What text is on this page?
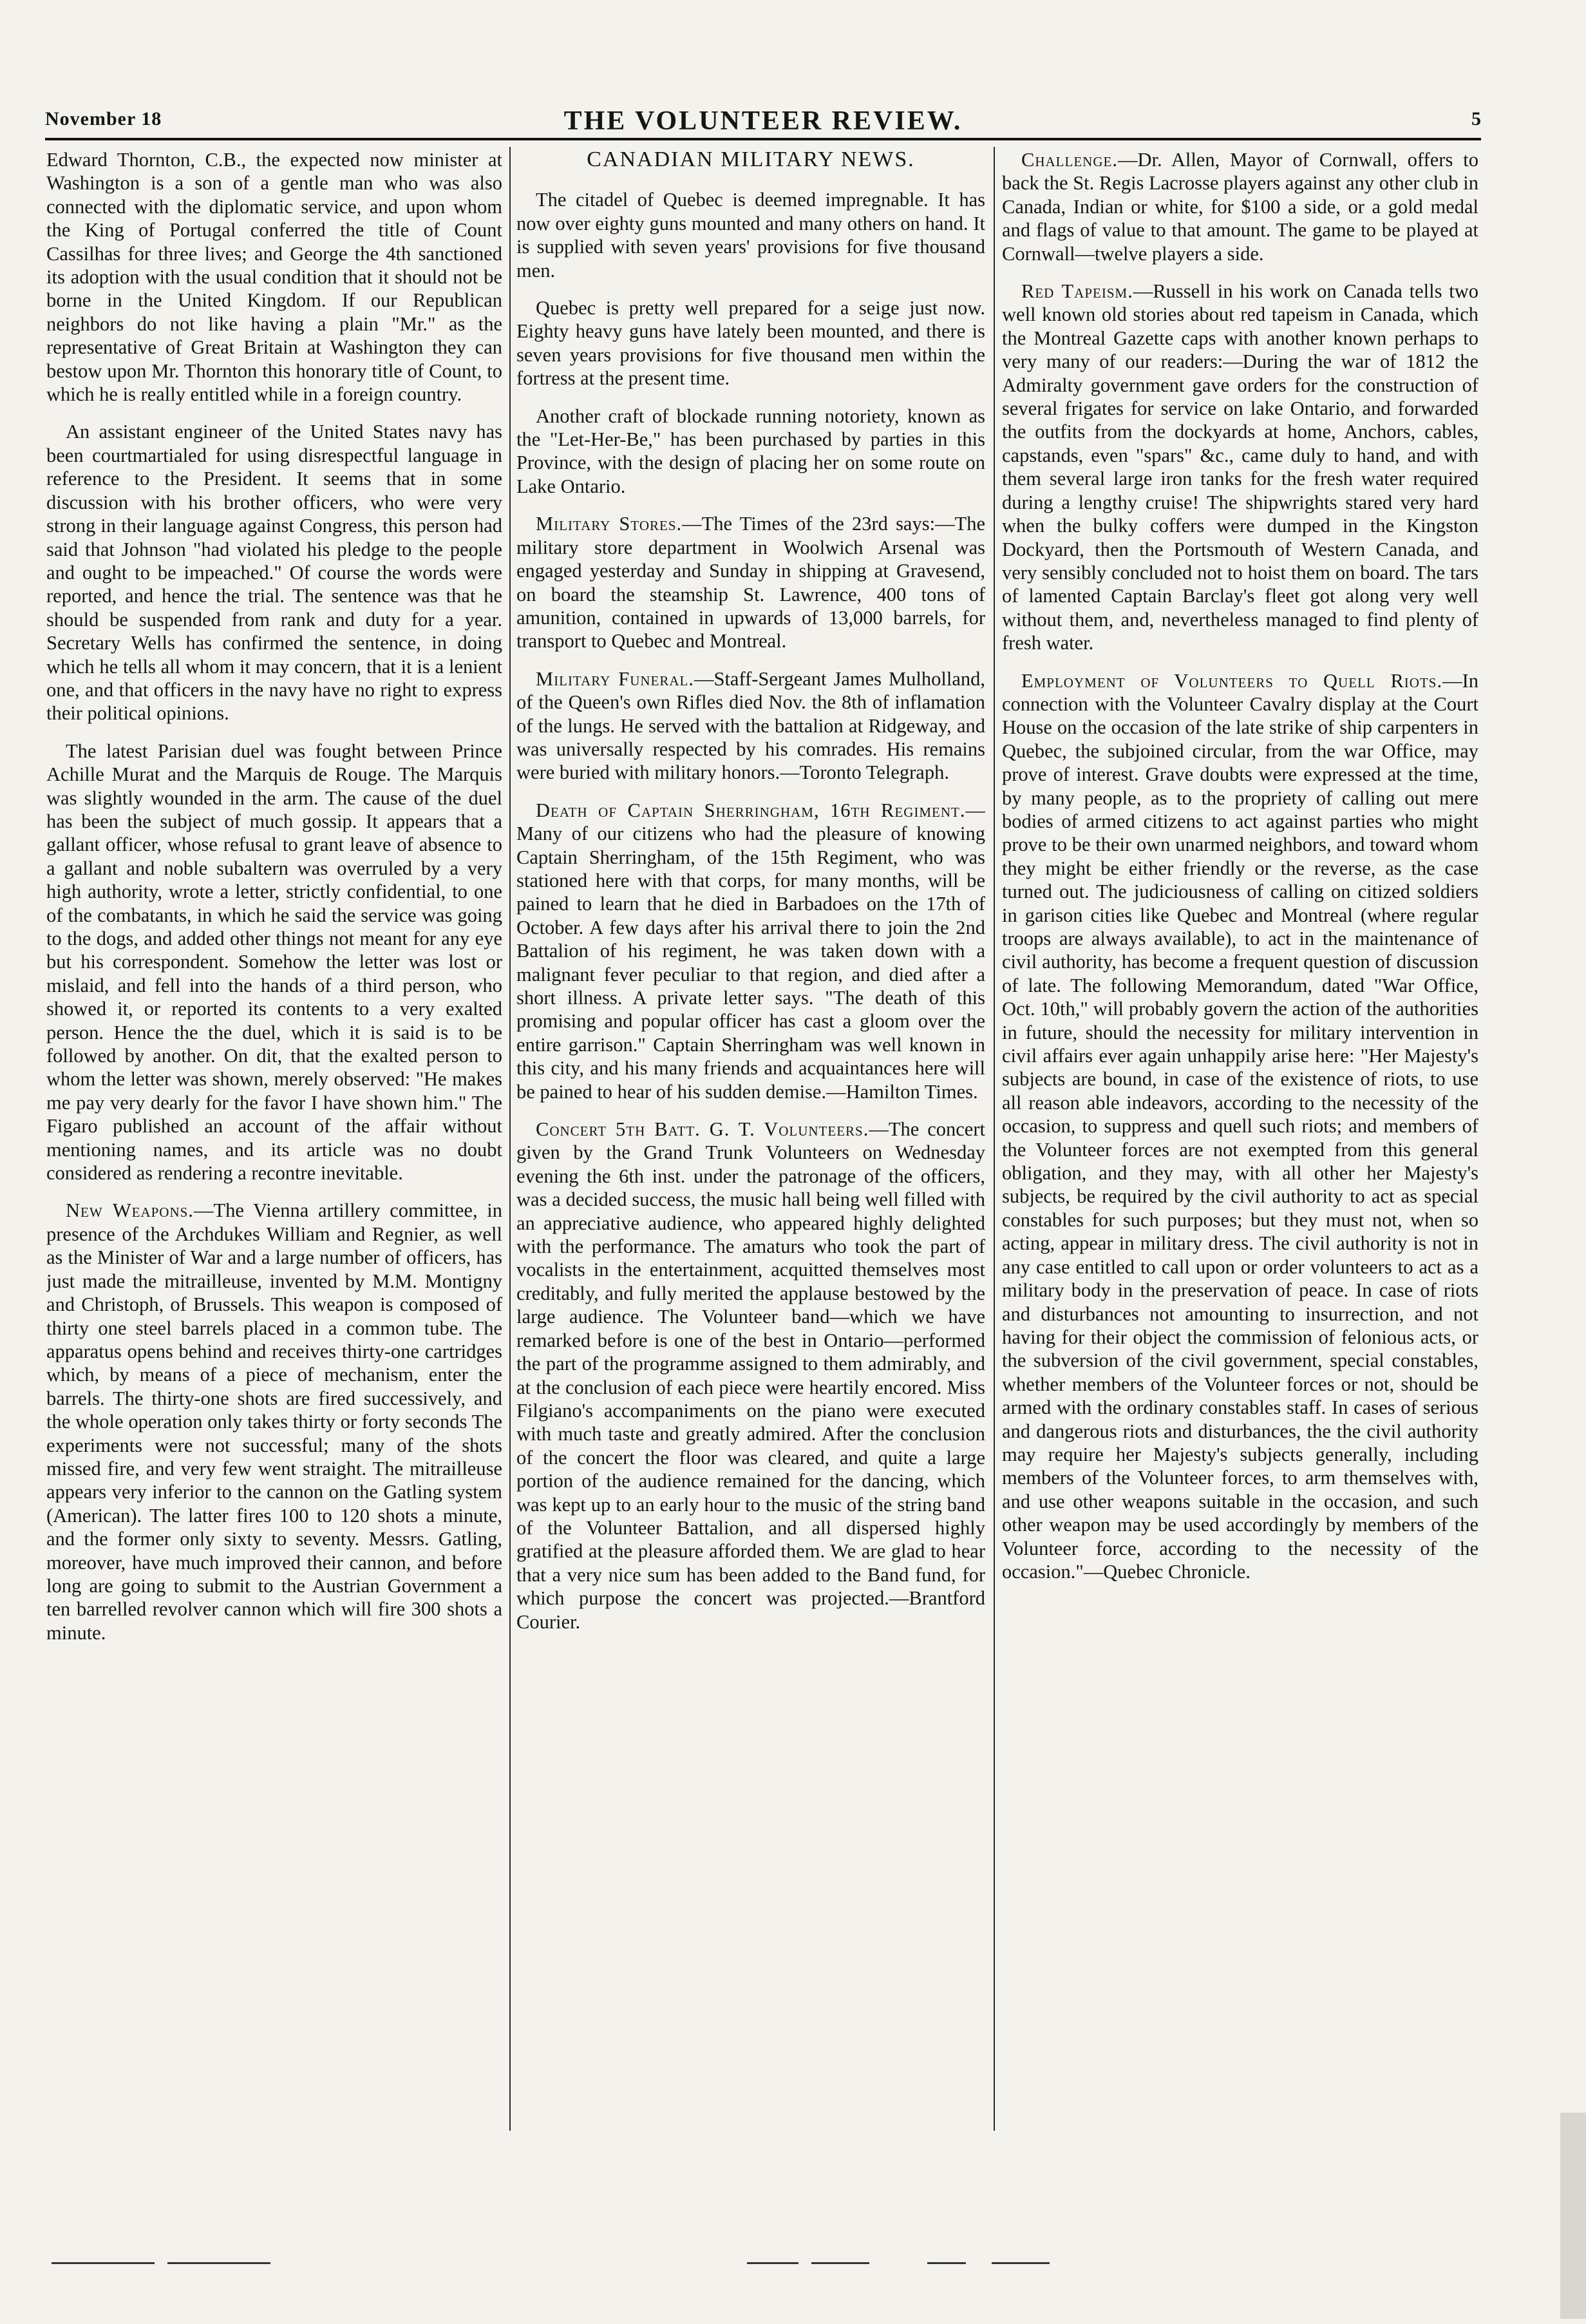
November 18	THE VOLUNTEER REVIEW.	5

Edward Thornton, C.B., the expected now minister at Washington is a son of a gentle man who was also connected with the diplomatic service, and upon whom the King of Portugal conferred the title of Count Cassilhas for three lives; and George the 4th sanctioned its adoption with the usual condition that it should not be borne in the United Kingdom. If our Republican neighbors do not like having a plain "Mr." as the representative of Great Britain at Washington they can bestow upon Mr. Thornton this honorary title of Count, to which he is really entitled while in a foreign country.

An assistant engineer of the United States navy has been courtmartialed for using disrespectful language in reference to the President. It seems that in some discussion with his brother officers, who were very strong in their language against Congress, this person had said that Johnson "had violated his pledge to the people and ought to be impeached." Of course the words were reported, and hence the trial. The sentence was that he should be suspended from rank and duty for a year. Secretary Wells has confirmed the sentence, in doing which he tells all whom it may concern, that it is a lenient one, and that officers in the navy have no right to express their political opinions.

The latest Parisian duel was fought between Prince Achille Murat and the Marquis de Rouge. The Marquis was slightly wounded in the arm. The cause of the duel has been the subject of much gossip. It appears that a gallant officer, whose refusal to grant leave of absence to a gallant and noble subaltern was overruled by a very high authority, wrote a letter, strictly confidential, to one of the combatants, in which he said the service was going to the dogs, and added other things not meant for any eye but his correspondent. Somehow the letter was lost or mislaid, and fell into the hands of a third person, who showed it, or reported its contents to a very exalted person. Hence the the duel, which it is said is to be followed by another. On dit, that the exalted person to whom the letter was shown, merely observed: "He makes me pay very dearly for the favor I have shown him." The Figaro published an account of the affair without mentioning names, and its article was no doubt considered as rendering a recontre inevitable.

New Weapons.—The Vienna artillery committee, in presence of the Archdukes William and Regnier, as well as the Minister of War and a large number of officers, has just made the mitrailleuse, invented by M.M. Montigny and Christoph, of Brussels. This weapon is composed of thirty one steel barrels placed in a common tube. The apparatus opens behind and receives thirty-one cartridges which, by means of a piece of mechanism, enter the barrels. The thirty-one shots are fired successively, and the whole operation only takes thirty or forty seconds The experiments were not successful; many of the shots missed fire, and very few went straight. The mitrailleuse appears very inferior to the cannon on the Gatling system (American). The latter fires 100 to 120 shots a minute, and the former only sixty to seventy. Messrs. Gatling, moreover, have much improved their cannon, and before long are going to submit to the Austrian Government a ten barrelled revolver cannon which will fire 300 shots a minute.

CANADIAN MILITARY NEWS.

The citadel of Quebec is deemed impregnable. It has now over eighty guns mounted and many others on hand. It is supplied with seven years' provisions for five thousand men.

Quebec is pretty well prepared for a seige just now. Eighty heavy guns have lately been mounted, and there is seven years provisions for five thousand men within the fortress at the present time.

Another craft of blockade running notoriety, known as the "Let-Her-Be," has been purchased by parties in this Province, with the design of placing her on some route on Lake Ontario.

Military Stores.—The Times of the 23rd says:—The military store department in Woolwich Arsenal was engaged yesterday and Sunday in shipping at Gravesend, on board the steamship St. Lawrence, 400 tons of amunition, contained in upwards of 13,000 barrels, for transport to Quebec and Montreal.

Military Funeral.—Staff-Sergeant James Mulholland, of the Queen's own Rifles died Nov. the 8th of inflamation of the lungs. He served with the battalion at Ridgeway, and was universally respected by his comrades. His remains were buried with military honors.—Toronto Telegraph.

Death of Captain Sherringham, 16th Regiment.—Many of our citizens who had the pleasure of knowing Captain Sherringham, of the 15th Regiment, who was stationed here with that corps, for many months, will be pained to learn that he died in Barbadoes on the 17th of October. A few days after his arrival there to join the 2nd Battalion of his regiment, he was taken down with a malignant fever peculiar to that region, and died after a short illness. A private letter says. "The death of this promising and popular officer has cast a gloom over the entire garrison." Captain Sherringham was well known in this city, and his many friends and acquaintances here will be pained to hear of his sudden demise.—Hamilton Times.

Concert 5th Batt. G. T. Volunteers.—The concert given by the Grand Trunk Volunteers on Wednesday evening the 6th inst. under the patronage of the officers, was a decided success, the music hall being well filled with an appreciative audience, who appeared highly delighted with the performance. The amaturs who took the part of vocalists in the entertainment, acquitted themselves most creditably, and fully merited the applause bestowed by the large audience. The Volunteer band—which we have remarked before is one of the best in Ontario—performed the part of the programme assigned to them admirably, and at the conclusion of each piece were heartily encored. Miss Filgiano's accompaniments on the piano were executed with much taste and greatly admired. After the conclusion of the concert the floor was cleared, and quite a large portion of the audience remained for the dancing, which was kept up to an early hour to the music of the string band of the Volunteer Battalion, and all dispersed highly gratified at the pleasure afforded them. We are glad to hear that a very nice sum has been added to the Band fund, for which purpose the concert was projected.—Brantford Courier.

Challenge.—Dr. Allen, Mayor of Cornwall, offers to back the St. Regis Lacrosse players against any other club in Canada, Indian or white, for $100 a side, or a gold medal and flags of value to that amount. The game to be played at Cornwall—twelve players a side.

Red Tapeism.—Russell in his work on Canada tells two well known old stories about red tapeism in Canada, which the Montreal Gazette caps with another known perhaps to very many of our readers:—During the war of 1812 the Admiralty government gave orders for the construction of several frigates for service on lake Ontario, and forwarded the outfits from the dockyards at home, Anchors, cables, capstands, even "spars" &c., came duly to hand, and with them several large iron tanks for the fresh water required during a lengthy cruise! The shipwrights stared very hard when the bulky coffers were dumped in the Kingston Dockyard, then the Portsmouth of Western Canada, and very sensibly concluded not to hoist them on board. The tars of lamented Captain Barclay's fleet got along very well without them, and, nevertheless managed to find plenty of fresh water.

Employment of Volunteers to Quell Riots.—In connection with the Volunteer Cavalry display at the Court House on the occasion of the late strike of ship carpenters in Quebec, the subjoined circular, from the war Office, may prove of interest. Grave doubts were expressed at the time, by many people, as to the propriety of calling out mere bodies of armed citizens to act against parties who might prove to be their own unarmed neighbors, and toward whom they might be either friendly or the reverse, as the case turned out. The judiciousness of calling on citized soldiers in garison cities like Quebec and Montreal (where regular troops are always available), to act in the maintenance of civil authority, has become a frequent question of discussion of late. The following Memorandum, dated "War Office, Oct. 10th," will probably govern the action of the authorities in future, should the necessity for military intervention in civil affairs ever again unhappily arise here: "Her Majesty's subjects are bound, in case of the existence of riots, to use all reason able indeavors, according to the necessity of the occasion, to suppress and quell such riots; and members of the Volunteer forces are not exempted from this general obligation, and they may, with all other her Majesty's subjects, be required by the civil authority to act as special constables for such purposes; but they must not, when so acting, appear in military dress. The civil authority is not in any case entitled to call upon or order volunteers to act as a military body in the preservation of peace. In case of riots and disturbances not amounting to insurrection, and not having for their object the commission of felonious acts, or the subversion of the civil government, special constables, whether members of the Volunteer forces or not, should be armed with the ordinary constables staff. In cases of serious and dangerous riots and disturbances, the the civil authority may require her Majesty's subjects generally, including members of the Volunteer forces, to arm themselves with, and use other weapons suitable in the occasion, and such other weapon may be used accordingly by members of the Volunteer force, according to the necessity of the occasion."—Quebec Chronicle.
